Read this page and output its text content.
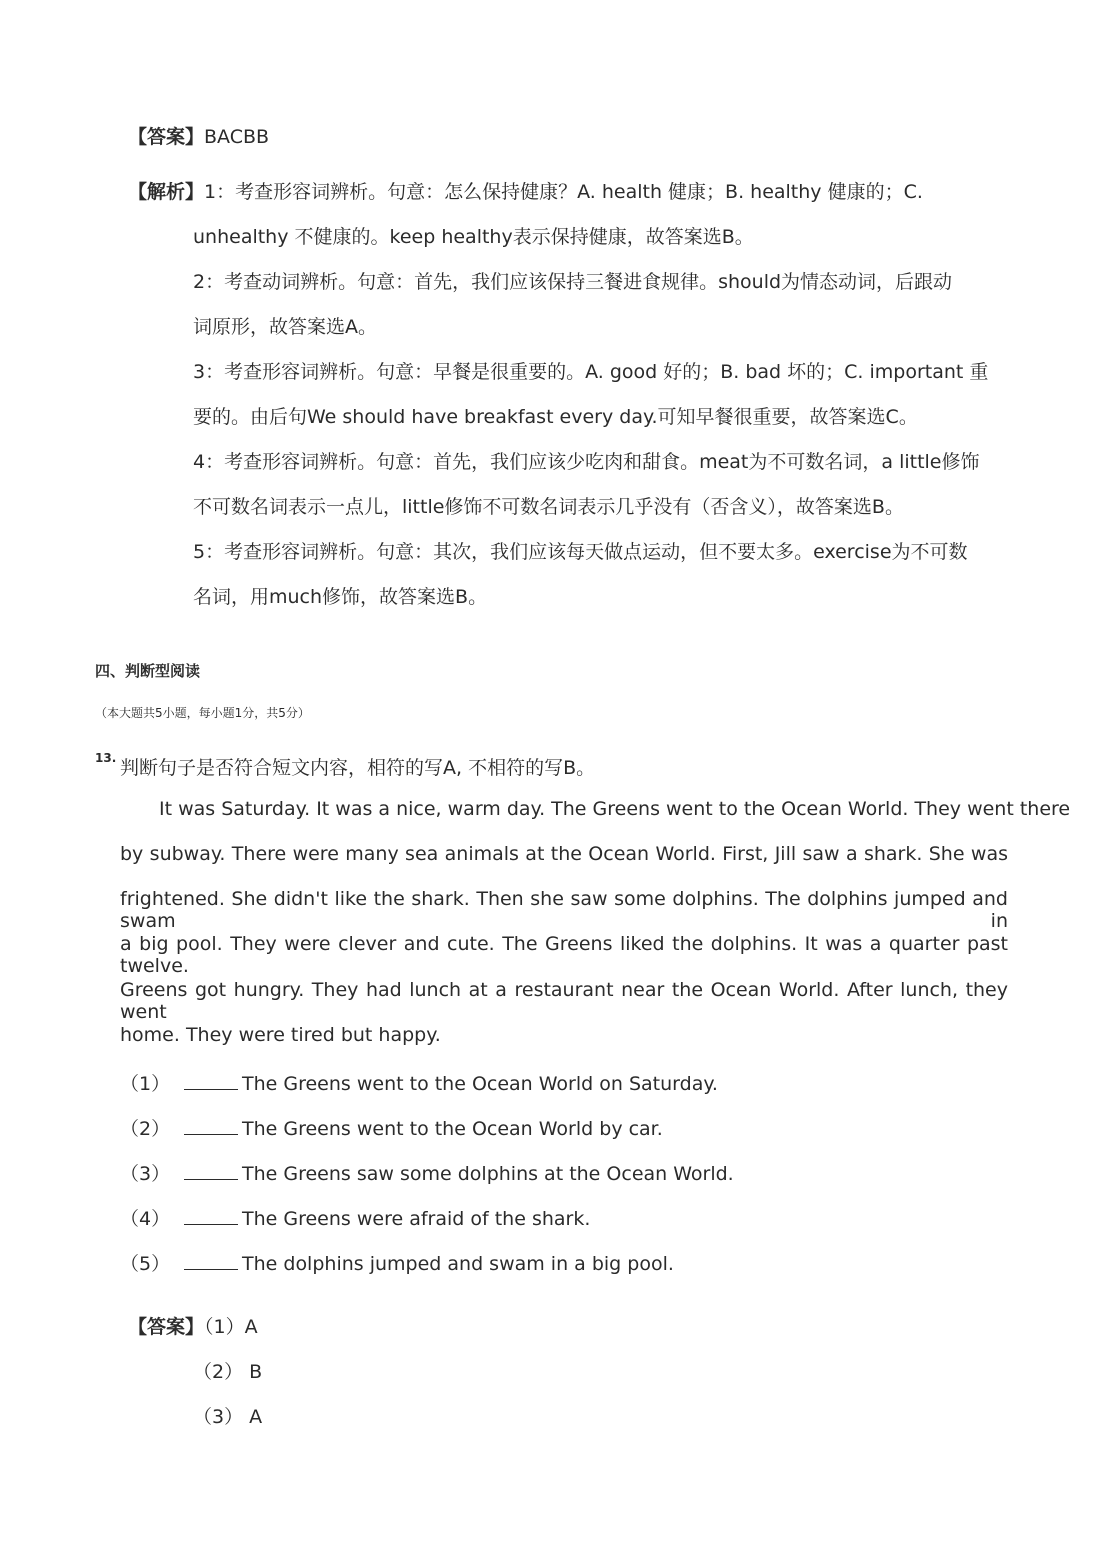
【答案】BACBB
【解析】1：考查形容词辨析。句意：怎么保持健康？A. health 健康；B. healthy 健康的；C.
unhealthy 不健康的。keep healthy表示保持健康，故答案选B。
2：考查动词辨析。句意：首先，我们应该保持三餐进食规律。should为情态动词，后跟动
词原形，故答案选A。
3：考查形容词辨析。句意：早餐是很重要的。A. good 好的；B. bad 坏的；C. important 重
要的。由后句We should have breakfast every day.可知早餐很重要，故答案选C。
4：考查形容词辨析。句意：首先，我们应该少吃肉和甜食。meat为不可数名词，a little修饰
不可数名词表示一点儿，little修饰不可数名词表示几乎没有（否含义），故答案选B。
5：考查形容词辨析。句意：其次，我们应该每天做点运动，但不要太多。exercise为不可数
名词，用much修饰，故答案选B。
四、判断型阅读
（本大题共5小题，每小题1分，共5分）
13. 判断句子是否符合短文内容，相符的写A, 不相符的写B。
It was Saturday. It was a nice, warm day. The Greens went to the Ocean World. They went there
by subway. There were many sea animals at the Ocean World. First, Jill saw a shark. She was
frightened. She didn't like the shark. Then she saw some dolphins. The dolphins jumped and swam in
a big pool. They were clever and cute. The Greens liked the dolphins. It was a quarter past twelve.
Greens got hungry. They had lunch at a restaurant near the Ocean World. After lunch, they went
home. They were tired but happy.
（1）	The Greens went to the Ocean World on Saturday.
（2）	The Greens went to the Ocean World by car.
（3）	The Greens saw some dolphins at the Ocean World.
（4）	The Greens were afraid of the shark.
（5）	The dolphins jumped and swam in a big pool.
【答案】（1）A
（2） B
（3） A
